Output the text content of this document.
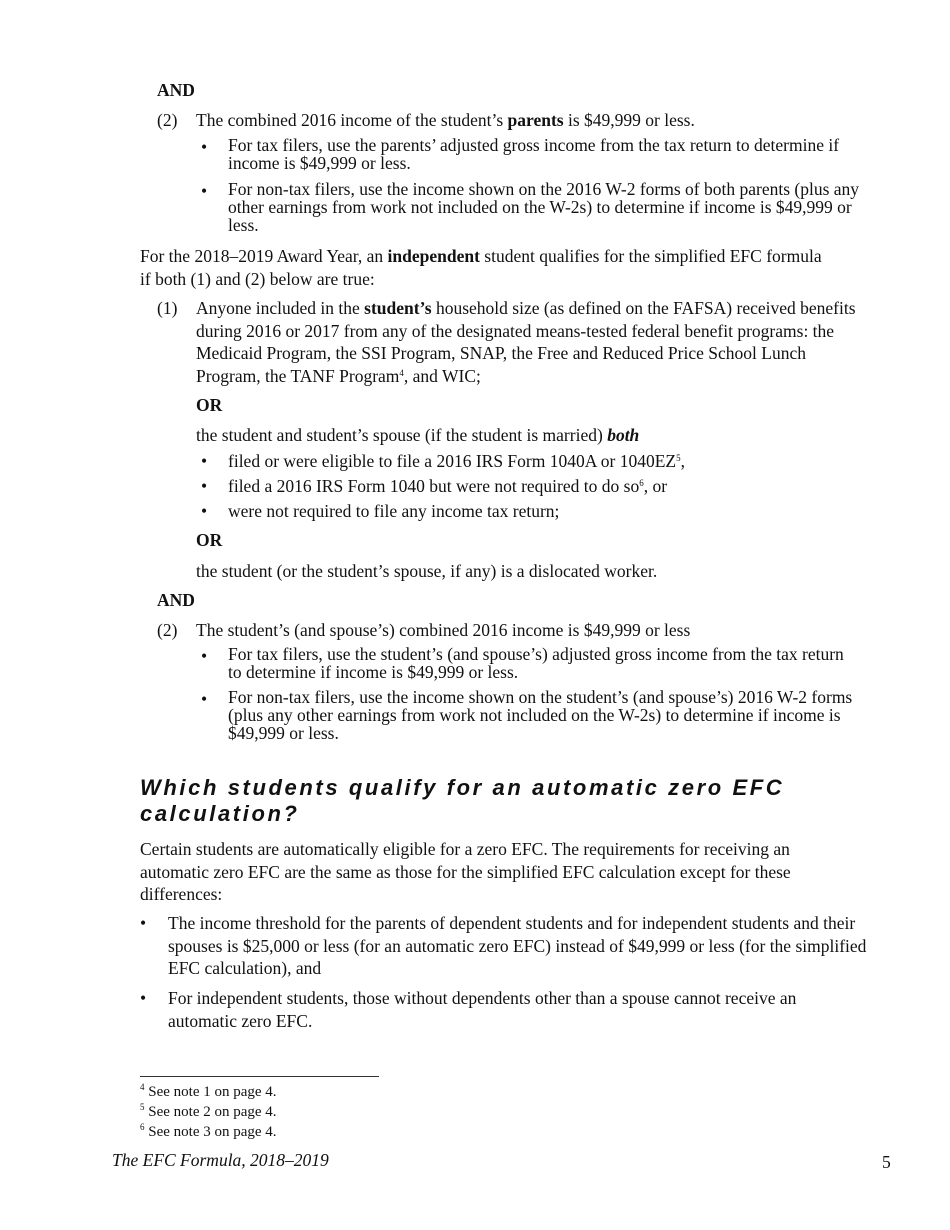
AND
(2) The combined 2016 income of the student’s parents is $49,999 or less.
• For tax filers, use the parents’ adjusted gross income from the tax return to determine if income is $49,999 or less.
• For non-tax filers, use the income shown on the 2016 W-2 forms of both parents (plus any other earnings from work not included on the W-2s) to determine if income is $49,999 or less.

For the 2018–2019 Award Year, an independent student qualifies for the simplified EFC formula if both (1) and (2) below are true:

(1) Anyone included in the student’s household size (as defined on the FAFSA) received benefits during 2016 or 2017 from any of the designated means-tested federal benefit programs: the Medicaid Program, the SSI Program, SNAP, the Free and Reduced Price School Lunch Program, the TANF Program$^4$, and WIC;

OR
the student and student’s spouse (if the student is married) both
• filed or were eligible to file a 2016 IRS Form 1040A or $1040EZ^5$,

• filed a 2016 IRS Form 1040 but were not required to do $so^6$, or

• were not required to file any income tax return;
OR
the student (or the student’s spouse, if any) is a dislocated worker.
AND
(2) The student’s (and spouse’s) combined 2016 income is $49,999 or less
• For tax filers, use the student’s (and spouse’s) adjusted gross income from the tax return to determine if income is $49,999 or less.
• For non-tax filers, use the income shown on the student’s (and spouse’s) 2016 W-2 forms (plus any other earnings from work not included on the W-2s) to determine if income is $49,999 or less.
Which students qualify for an automatic zero EFC calculation?

Certain students are automatically eligible for a zero EFC. The requirements for receiving an automatic zero EFC are the same as those for the simplified EFC calculation except for these differences:

• The income threshold for the parents of dependent students and for independent students and their spouses is $25,000 or less (for an automatic zero EFC) instead of $49,999 or less (for the simplified EFC calculation), and

• For independent students, those without dependents other than a spouse cannot receive an automatic zero EFC.

$^4$ See note 1 on page 4.
$^5$ See note 2 on page 4.
$^6$ See note 3 on page 4.
The EFC Formula, 2018–2019	5
